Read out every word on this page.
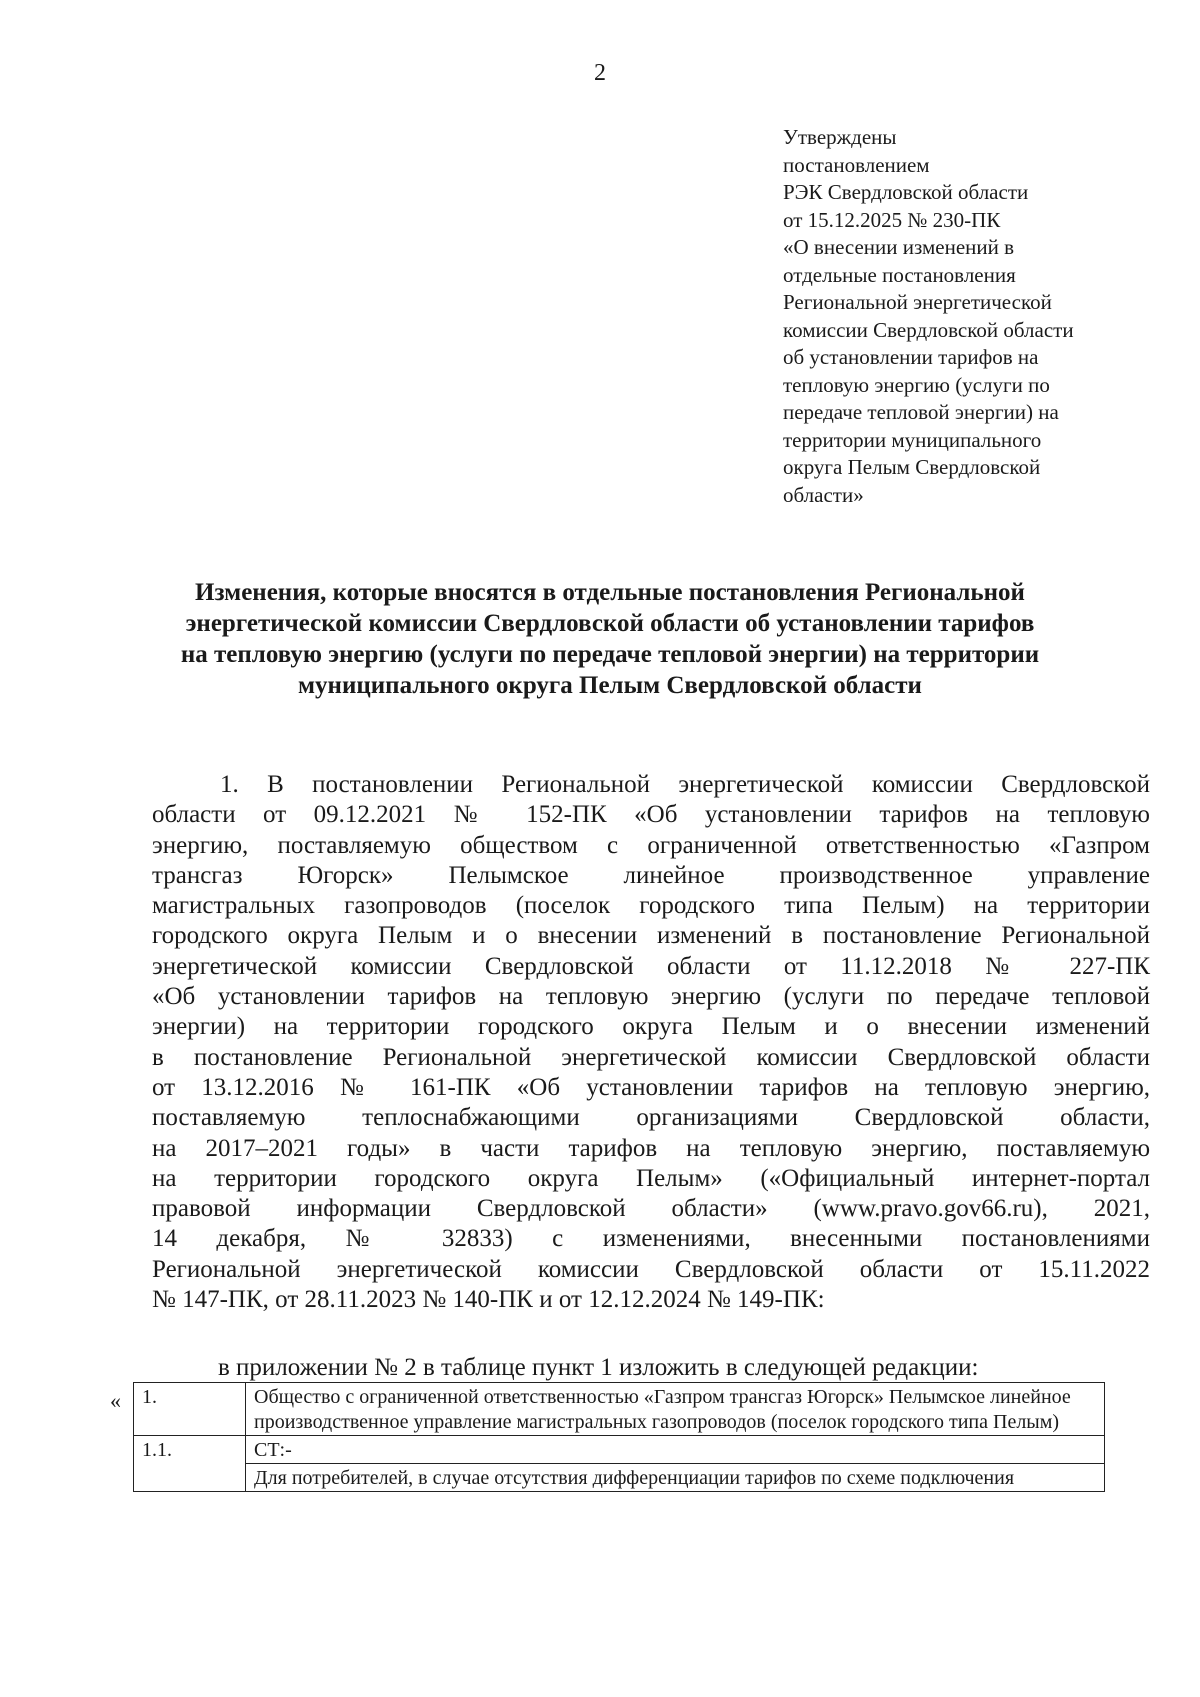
2
Утверждены
постановлением
РЭК Свердловской области
от 15.12.2025 № 230-ПК
«О внесении изменений в
отдельные постановления
Региональной энергетической
комиссии Свердловской области
об установлении тарифов на
тепловую энергию (услуги по
передаче тепловой энергии) на
территории муниципального
округа Пелым Свердловской
области»
Изменения, которые вносятся в отдельные постановления Региональной
энергетической комиссии Свердловской области об установлении тарифов
на тепловую энергию (услуги по передаче тепловой энергии) на территории
муниципального округа Пелым Свердловской области
1. В постановлении Региональной энергетической комиссии Свердловской
области от 09.12.2021 № 152-ПК «Об установлении тарифов на тепловую
энергию, поставляемую обществом с ограниченной ответственностью «Газпром
трансгаз Югорск» Пелымское линейное производственное управление
магистральных газопроводов (поселок городского типа Пелым) на территории
городского округа Пелым и о внесении изменений в постановление Региональной
энергетической комиссии Свердловской области от 11.12.2018 № 227-ПК
«Об установлении тарифов на тепловую энергию (услуги по передаче тепловой
энергии) на территории городского округа Пелым и о внесении изменений
в постановление Региональной энергетической комиссии Свердловской области
от 13.12.2016 № 161-ПК «Об установлении тарифов на тепловую энергию,
поставляемую теплоснабжающими организациями Свердловской области,
на 2017–2021 годы» в части тарифов на тепловую энергию, поставляемую
на территории городского округа Пелым» («Официальный интернет-портал
правовой информации Свердловской области» (www.pravo.gov66.ru), 2021,
14 декабря, № 32833) с изменениями, внесенными постановлениями
Региональной энергетической комиссии Свердловской области от 15.11.2022
№ 147-ПК, от 28.11.2023 № 140-ПК и от 12.12.2024 № 149-ПК:
в приложении № 2 в таблице пункт 1 изложить в следующей редакции:
« 1.	Общество с ограниченной ответственностью «Газпром трансгаз Югорск» Пелымское линейное производственное управление магистральных газопроводов (поселок городского типа Пелым)
1.1.	СТ:-
	Для потребителей, в случае отсутствия дифференциации тарифов по схеме подключения
